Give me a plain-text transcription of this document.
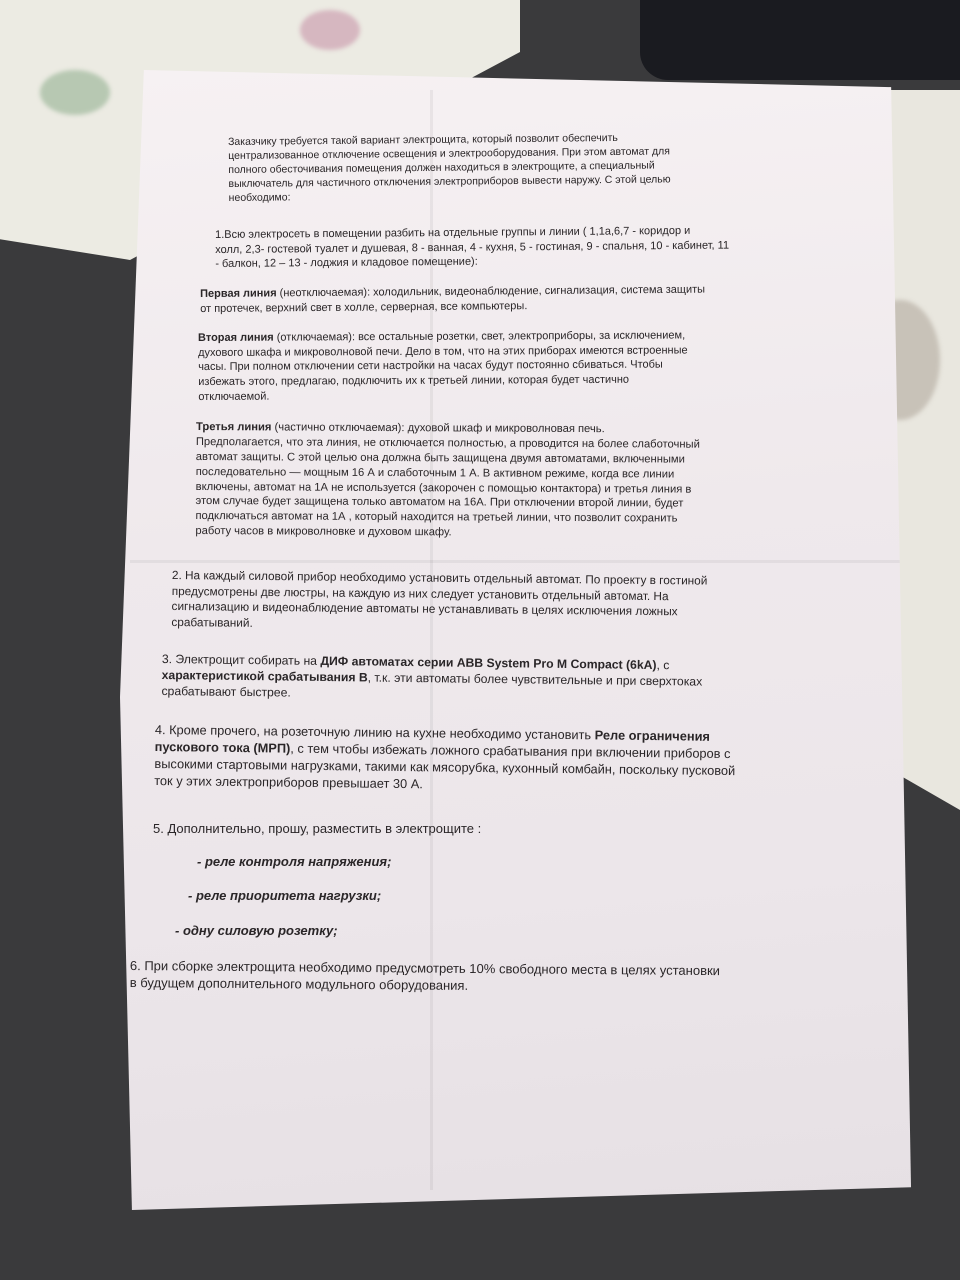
Заказчику требуется такой вариант электрощита, который позволит обеспечить
централизованное отключение освещения и электрооборудования. При этом автомат для
полного обесточивания помещения должен находиться в электрощите, а специальный
выключатель для частичного отключения электроприборов вывести наружу. С этой целью
необходимо:
1.Всю электросеть в помещении разбить на отдельные группы и линии ( 1,1а,6,7 - коридор и
холл, 2,3- гостевой туалет и душевая, 8 - ванная, 4 - кухня, 5 - гостиная, 9 - спальня, 10 - кабинет, 11
- балкон, 12 – 13 - лоджия и кладовое помещение):
Первая линия (неотключаемая): холодильник, видеонаблюдение, сигнализация, система защиты
от протечек, верхний свет в холле, серверная, все компьютеры.
Вторая линия (отключаемая): все остальные розетки, свет, электроприборы, за исключением,
духового шкафа и микроволновой печи. Дело в том, что на этих приборах имеются встроенные
часы. При полном отключении сети настройки на часах будут постоянно сбиваться. Чтобы
избежать этого, предлагаю, подключить их к третьей линии, которая будет частично
отключаемой.
Третья линия (частично отключаемая): духовой шкаф и микроволновая печь.
Предполагается, что эта линия, не отключается полностью, а проводится на более слаботочный
автомат защиты. С этой целью она должна быть защищена двумя автоматами, включенными
последовательно — мощным 16 А и слаботочным 1 А. В активном режиме, когда все линии
включены, автомат на 1А не используется (закорочен с помощью контактора) и третья линия в
этом случае будет защищена только автоматом на 16А. При отключении второй линии, будет
подключаться автомат на 1А , который находится на третьей линии, что позволит сохранить
работу часов в микроволновке и духовом шкафу.
2. На каждый силовой прибор необходимо установить отдельный автомат. По проекту в гостиной
предусмотрены две люстры, на каждую из них следует установить отдельный автомат. На
сигнализацию и видеонаблюдение автоматы не устанавливать в целях исключения ложных
срабатываний.
3. Электрощит собирать на ДИФ автоматах серии ABB System Pro M Compact (6kA), с
характеристикой срабатывания В, т.к. эти автоматы более чувствительные и при сверхтоках
срабатывают быстрее.
4. Кроме прочего, на розеточную линию на кухне необходимо установить Реле ограничения
пускового тока (МРП), с тем чтобы избежать ложного срабатывания при включении приборов с
высокими стартовыми нагрузками, такими как мясорубка, кухонный комбайн, поскольку пусковой
ток у этих электроприборов превышает 30 А.
5. Дополнительно, прошу, разместить в электрощите :
- реле контроля напряжения;
- реле приоритета нагрузки;
- одну силовую розетку;
6. При сборке электрощита необходимо предусмотреть 10% свободного места в целях установки
в будущем дополнительного модульного оборудования.
